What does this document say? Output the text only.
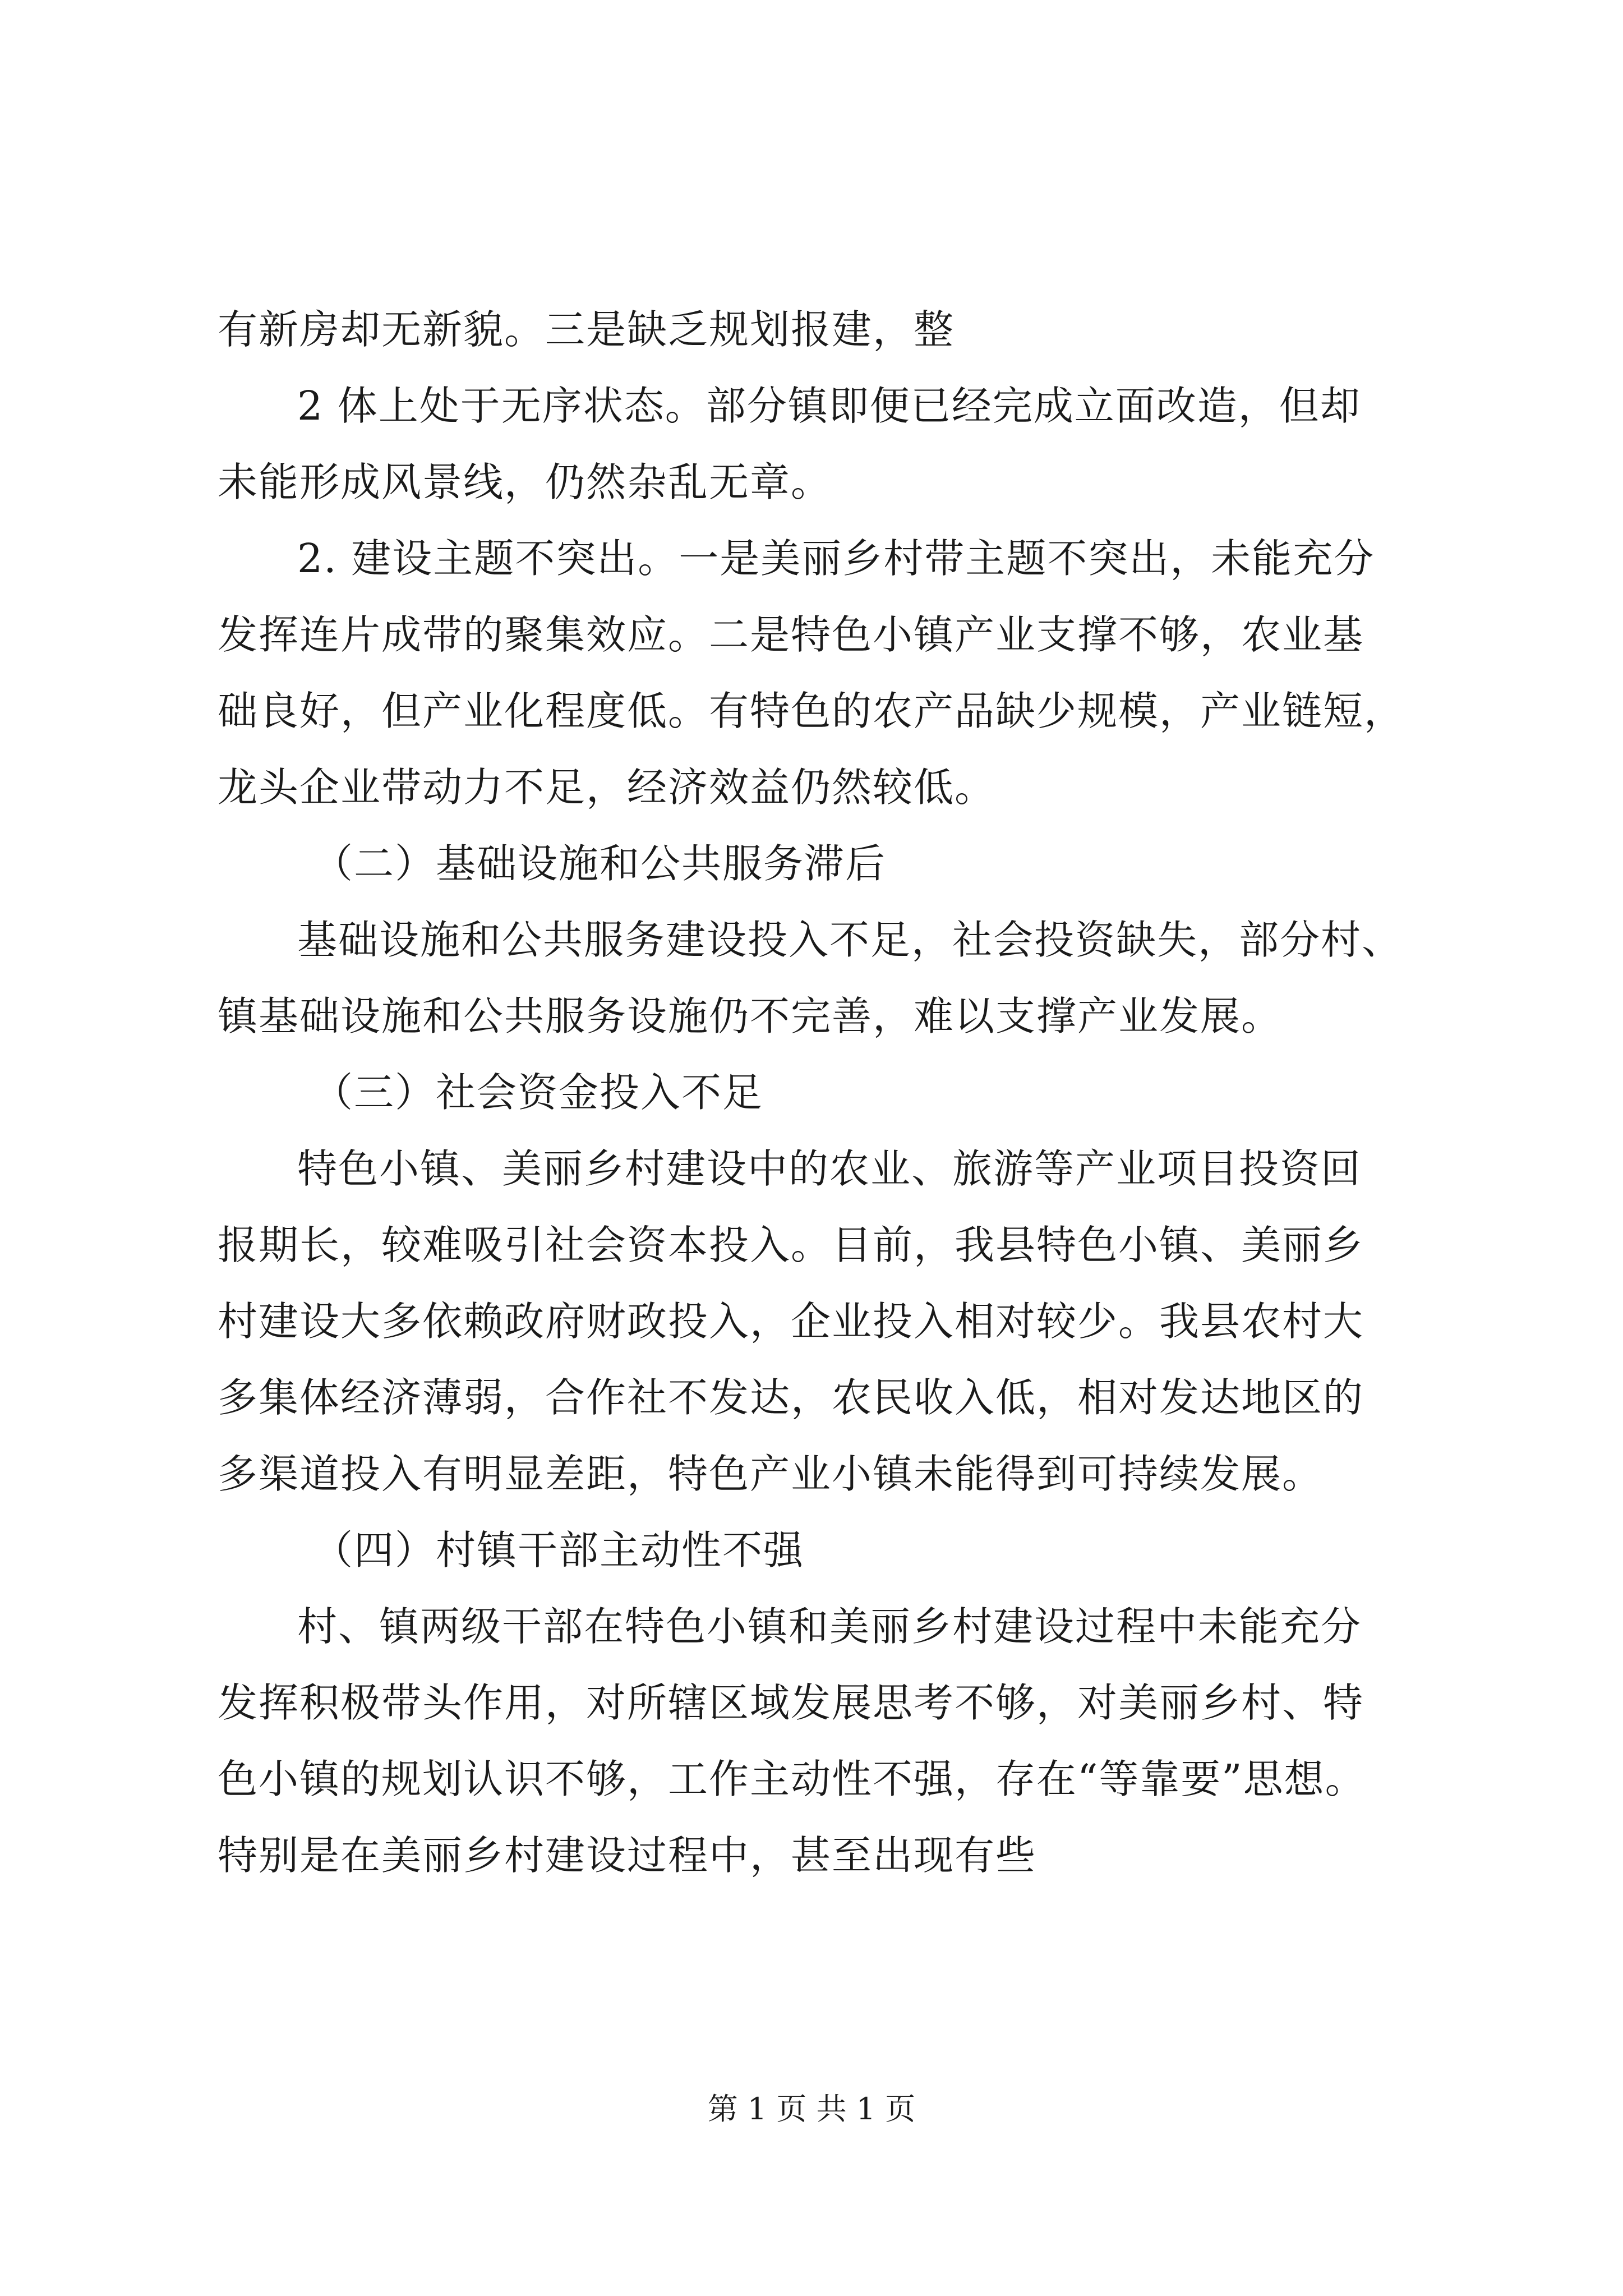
有新房却无新貌。三是缺乏规划报建，整
2 体上处于无序状态。部分镇即便已经完成立面改造，但却
未能形成风景线，仍然杂乱无章。
2. 建设主题不突出。一是美丽乡村带主题不突出，未能充分
发挥连片成带的聚集效应。二是特色小镇产业支撑不够，农业基
础良好，但产业化程度低。有特色的农产品缺少规模，产业链短，
龙头企业带动力不足，经济效益仍然较低。
（二）基础设施和公共服务滞后
基础设施和公共服务建设投入不足，社会投资缺失，部分村、
镇基础设施和公共服务设施仍不完善，难以支撑产业发展。
（三）社会资金投入不足
特色小镇、美丽乡村建设中的农业、旅游等产业项目投资回
报期长，较难吸引社会资本投入。目前，我县特色小镇、美丽乡
村建设大多依赖政府财政投入，企业投入相对较少。我县农村大
多集体经济薄弱，合作社不发达，农民收入低，相对发达地区的
多渠道投入有明显差距，特色产业小镇未能得到可持续发展。
（四）村镇干部主动性不强
村、镇两级干部在特色小镇和美丽乡村建设过程中未能充分
发挥积极带头作用，对所辖区域发展思考不够，对美丽乡村、特
色小镇的规划认识不够，工作主动性不强，存在“等靠要”思想。
特别是在美丽乡村建设过程中，甚至出现有些
第 1 页 共 1 页
